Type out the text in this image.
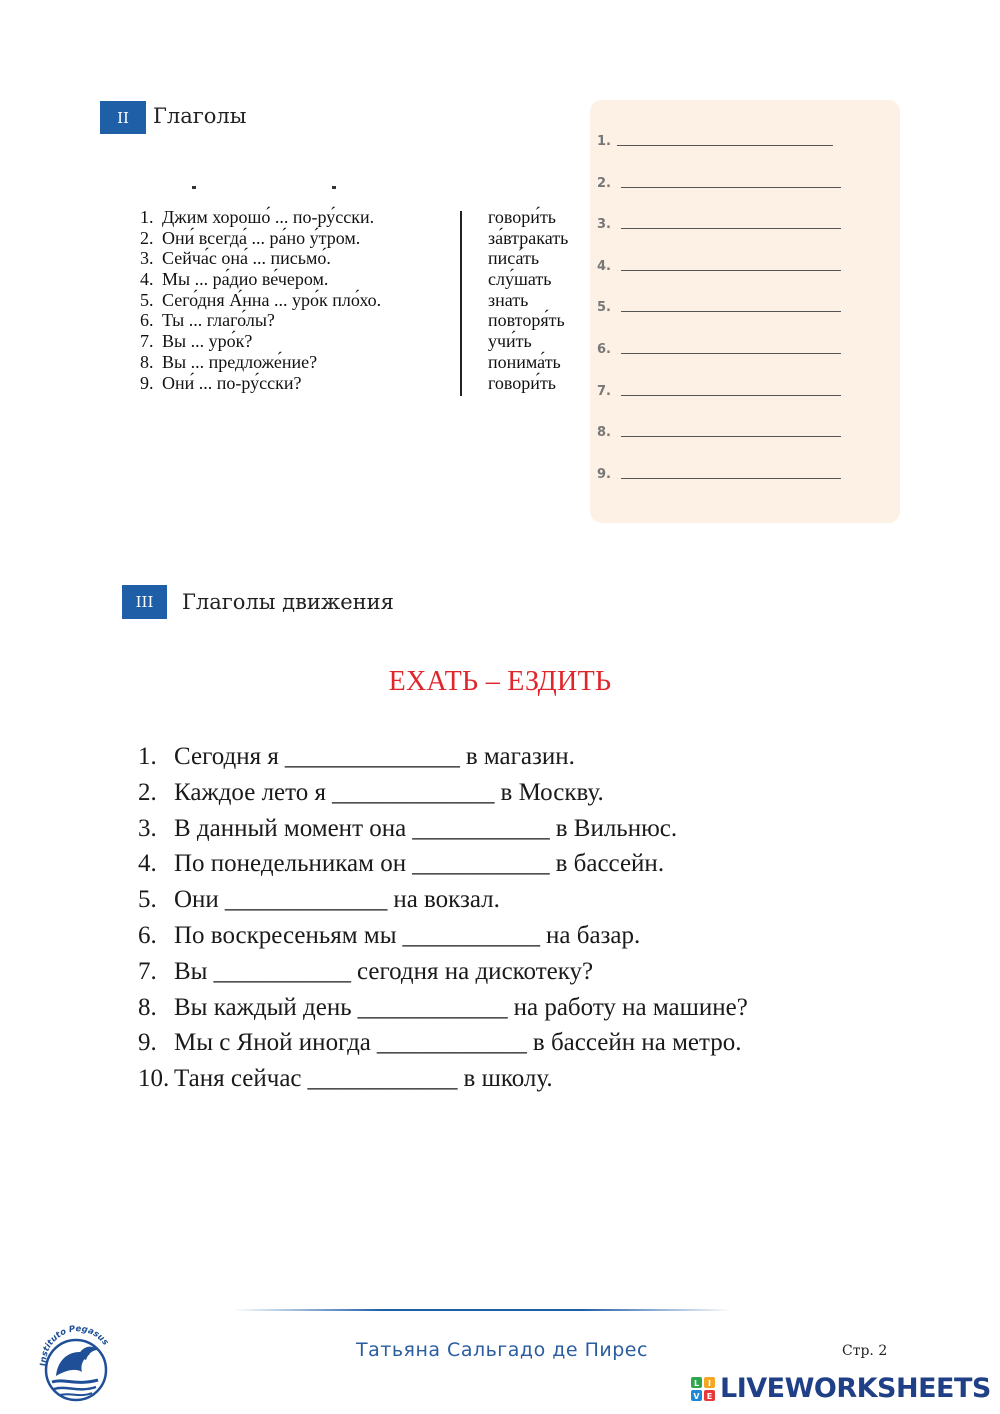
II	Глаголы
1. Джим хорошо́ ... по-ру́сски.	говори́ть
2. Они́ всегда́ ... ра́но у́тром.	за́втракать
3. Сейча́с она́ ... письмо́.	писа́ть
4. Мы ... ра́дио ве́чером.	слу́шать
5. Сего́дня А́нна ... уро́к пло́хо.	знать
6. Ты ... глаго́лы?	повторя́ть
7. Вы ... уро́к?	учи́ть
8. Вы ... предложе́ние?	понима́ть
9. Они́ ... по-ру́сски?	говори́ть
1.
2.
3.
4.
5.
6.
7.
8.
9.
III	Глаголы движения
ЕХАТЬ – ЕЗДИТЬ
1. Сегодня я ______________ в магазин.
2. Каждое лето я _____________ в Москву.
3. В данный момент она ___________ в Вильнюс.
4. По понедельникам он ___________ в бассейн.
5. Они _____________ на вокзал.
6. По воскресеньям мы ___________ на базар.
7. Вы ___________ сегодня на дискотеку?
8. Вы каждый день ____________ на работу на машине?
9. Мы с Яной иногда ____________ в бассейн на метро.
10. Таня сейчас ____________ в школу.
Instituto Pegasus	Татьяна Сальгадо де Пирес	Стр. 2
L I
V E LIVEWORKSHEETS
